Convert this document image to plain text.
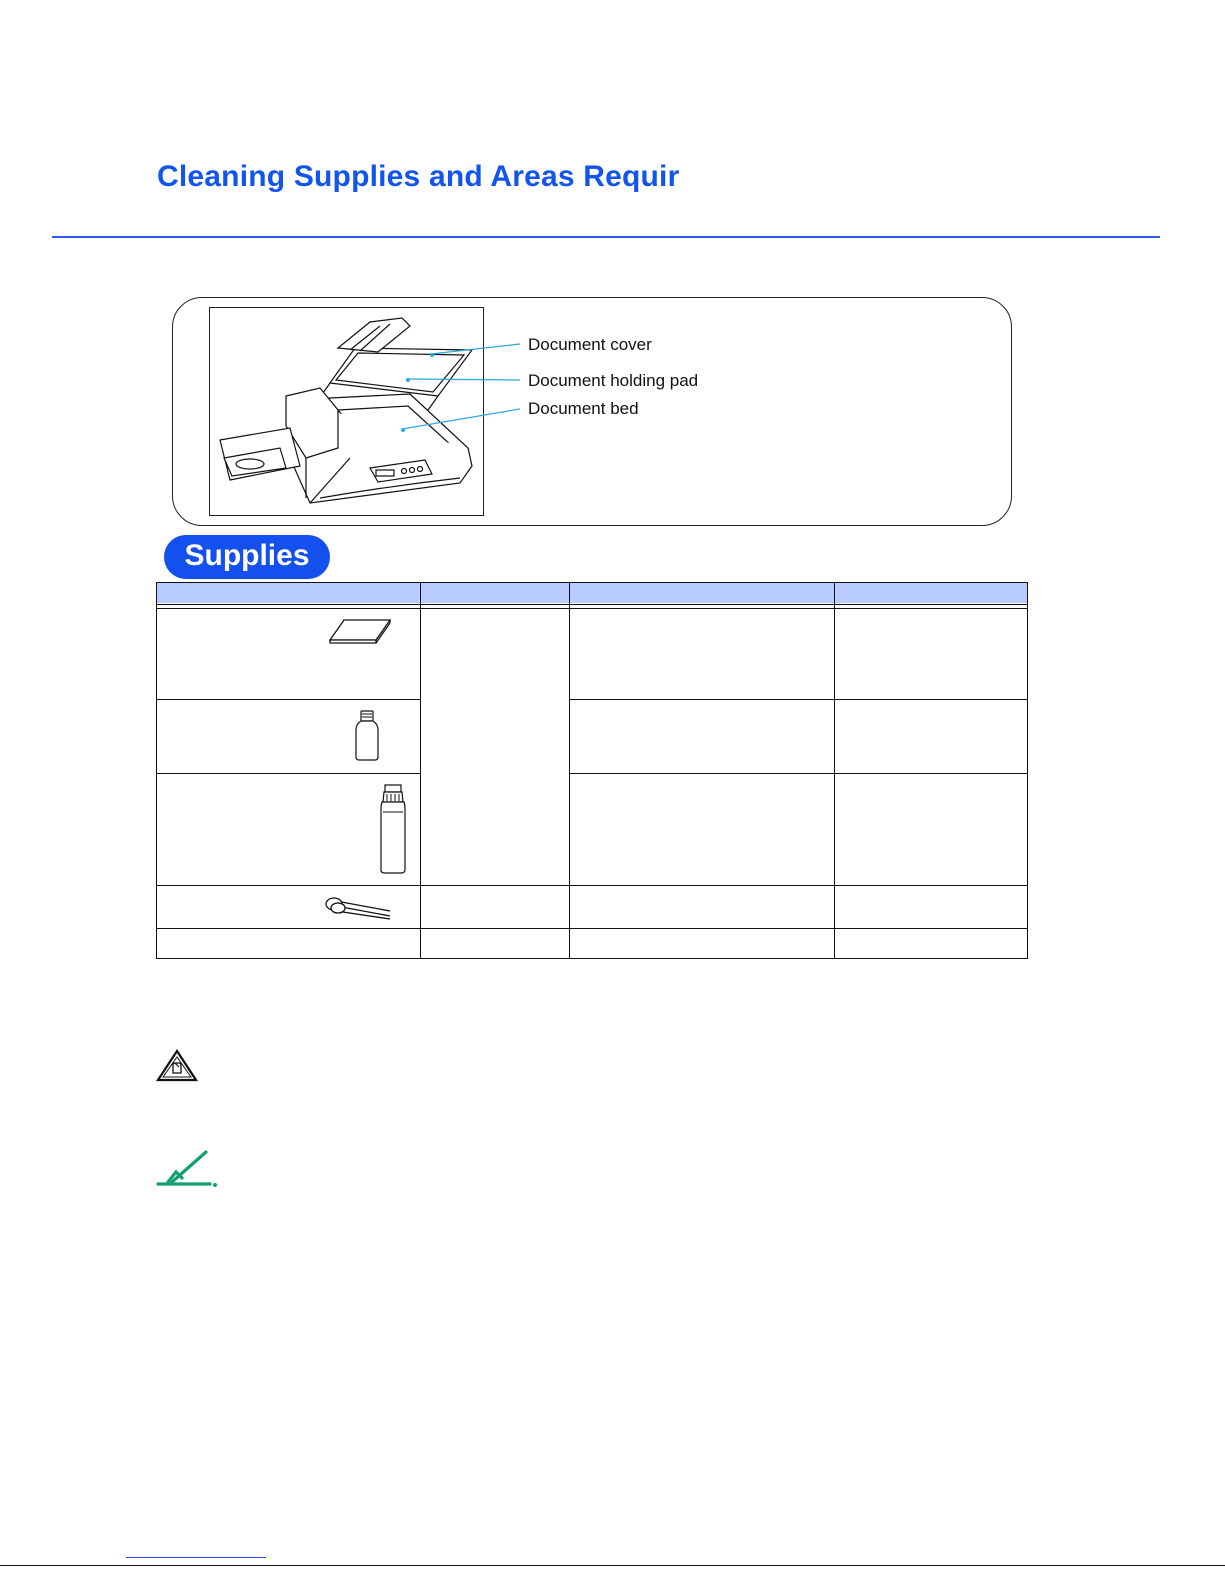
Cleaning Supplies and Areas Requir
Document cover
Document holding pad
Document bed
Supplies
